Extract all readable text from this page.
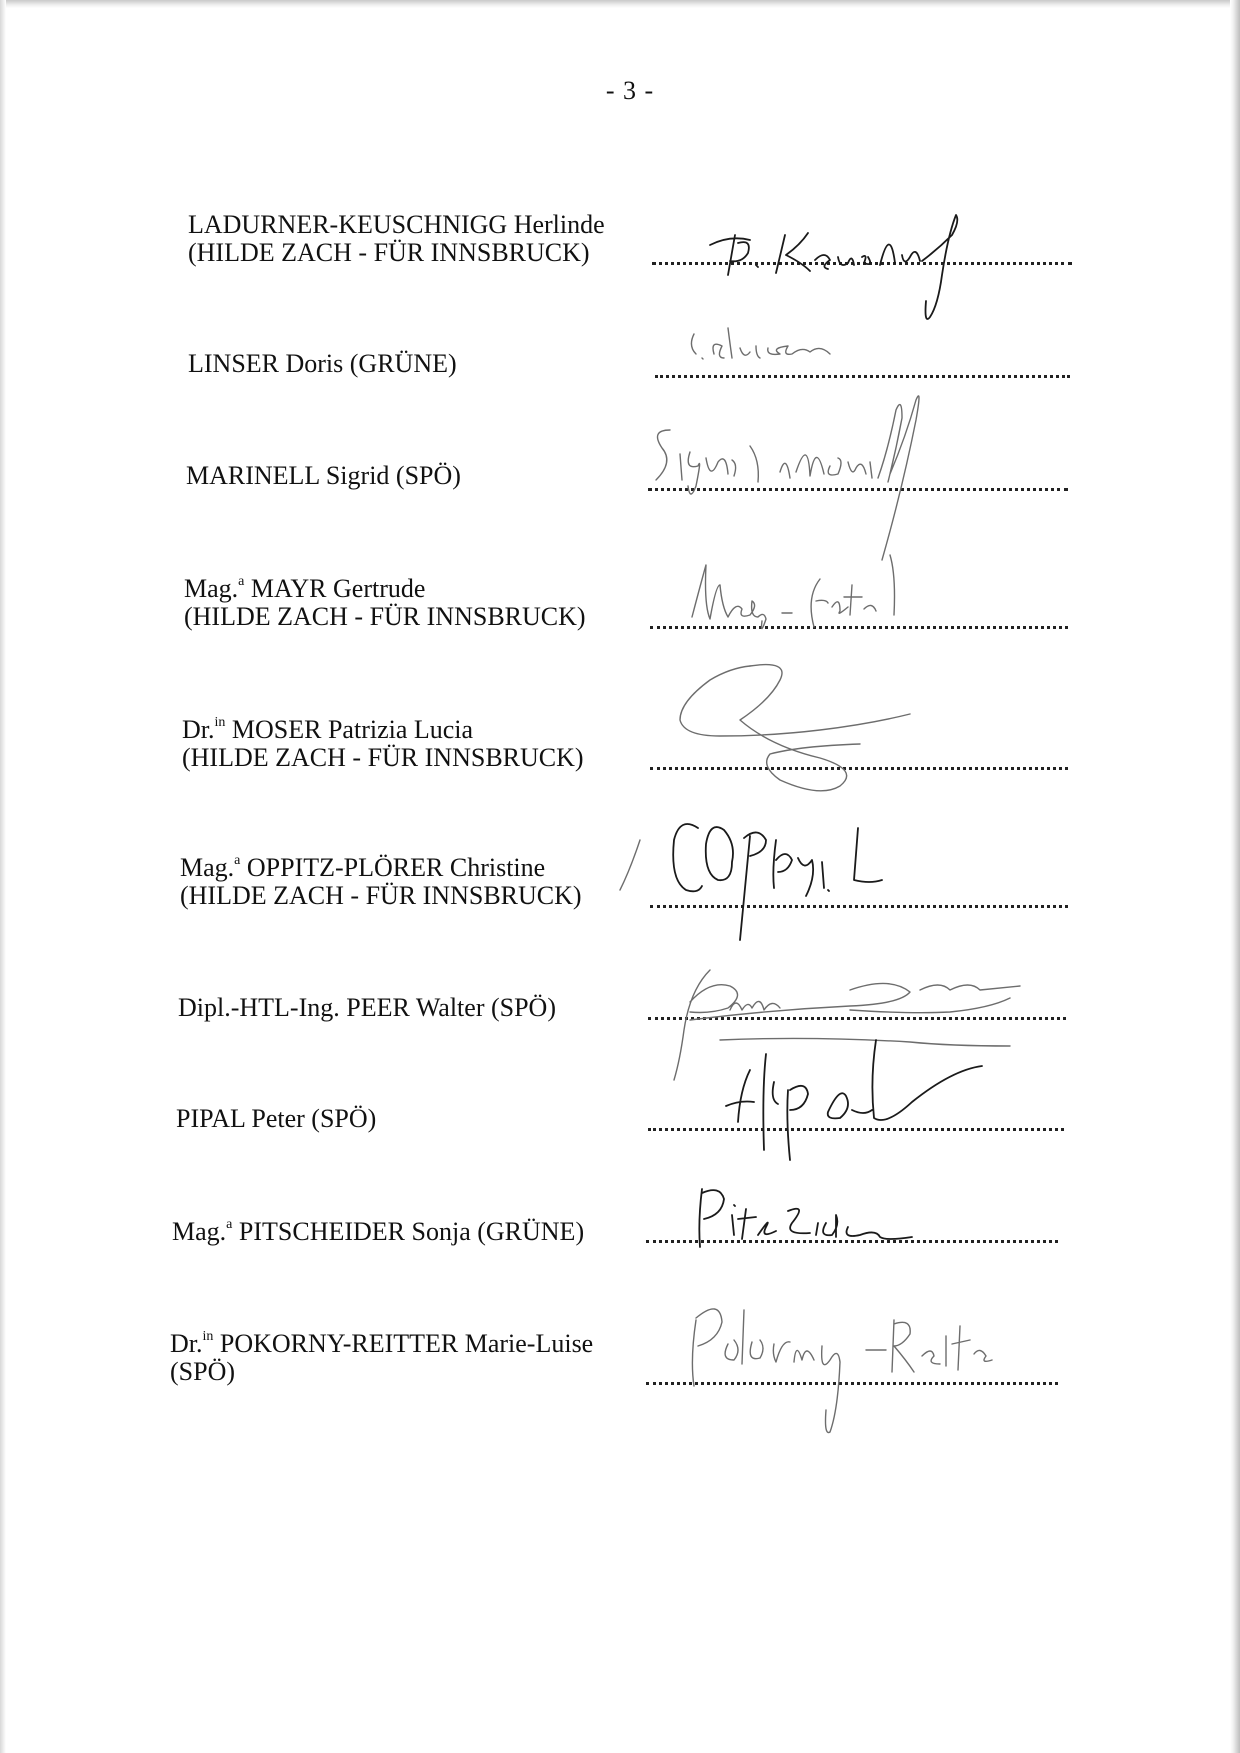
- 3 -
LADURNER-KEUSCHNIGG Herlinde
(HILDE ZACH - FÜR INNSBRUCK)
LINSER Doris (GRÜNE)
MARINELL Sigrid (SPÖ)
Mag.$^a$ MAYR Gertrude
(HILDE ZACH - FÜR INNSBRUCK)
Dr.$^{in}$ MOSER Patrizia Lucia
(HILDE ZACH - FÜR INNSBRUCK)
Mag.$^a$ OPPITZ-PLÖRER Christine
(HILDE ZACH - FÜR INNSBRUCK)
Dipl.-HTL-Ing. PEER Walter (SPÖ)
PIPAL Peter (SPÖ)
Mag.$^a$ PITSCHEIDER Sonja (GRÜNE)
Dr.$^{in}$ POKORNY-REITTER Marie-Luise
(SPÖ)
